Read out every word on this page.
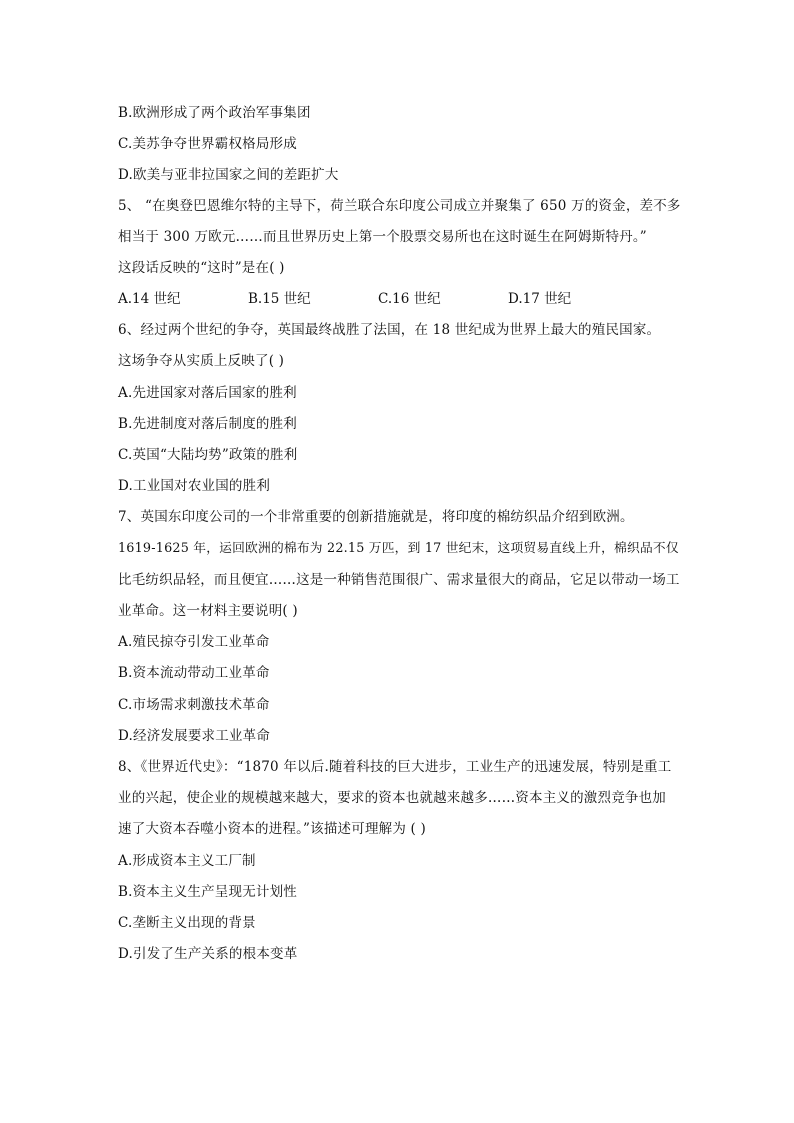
B.欧洲形成了两个政治军事集团
C.美苏争夺世界霸权格局形成
D.欧美与亚非拉国家之间的差距扩大
5、 “在奥登巴恩维尔特的主导下，荷兰联合东印度公司成立并聚集了 650 万的资金，差不多
相当于 300 万欧元……而且世界历史上第一个股票交易所也在这时诞生在阿姆斯特丹。”
这段话反映的“这时”是在( )
A.14 世纪	B.15 世纪	C.16 世纪	D.17 世纪
6、经过两个世纪的争夺，英国最终战胜了法国，在 18 世纪成为世界上最大的殖民国家。
这场争夺从实质上反映了( )
A.先进国家对落后国家的胜利
B.先进制度对落后制度的胜利
C.英国“大陆均势”政策的胜利
D.工业国对农业国的胜利
7、英国东印度公司的一个非常重要的创新措施就是，将印度的棉纺织品介绍到欧洲。
1619-1625 年，运回欧洲的棉布为 22.15 万匹，到 17 世纪末，这项贸易直线上升，棉织品不仅
比毛纺织品轻，而且便宜……这是一种销售范围很广、需求量很大的商品，它足以带动一场工
业革命。这一材料主要说明( )
A.殖民掠夺引发工业革命
B.资本流动带动工业革命
C.市场需求刺激技术革命
D.经济发展要求工业革命
8、《世界近代史》：“1870 年以后.随着科技的巨大进步，工业生产的迅速发展，特别是重工
业的兴起，使企业的规模越来越大，要求的资本也就越来越多……资本主义的激烈竞争也加
速了大资本吞噬小资本的进程。”该描述可理解为 ( )
A.形成资本主义工厂制
B.资本主义生产呈现无计划性
C.垄断主义出现的背景
D.引发了生产关系的根本变革
